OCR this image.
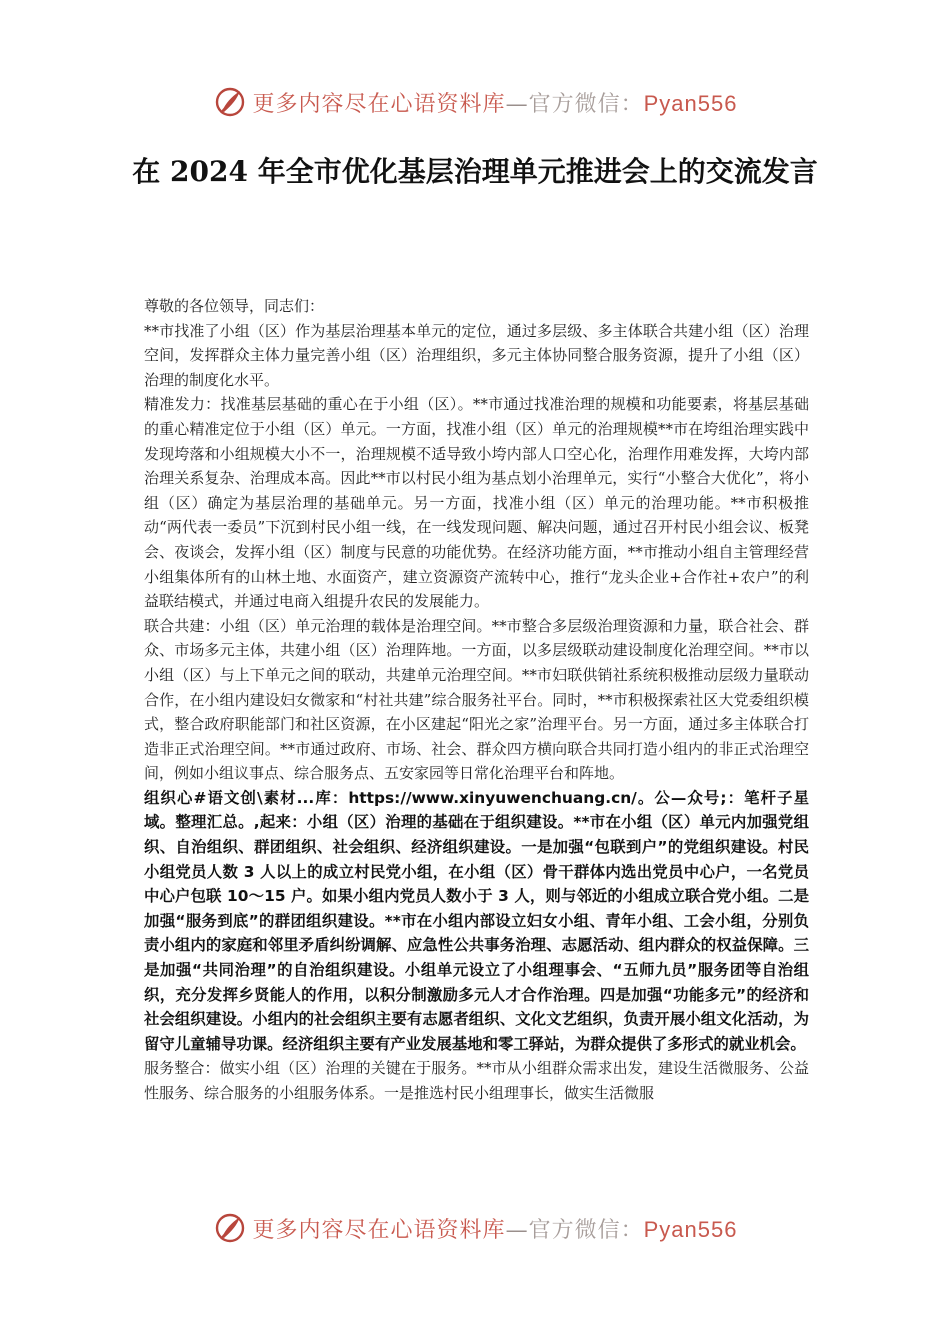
更多内容尽在心语资料库—官方微信：Pyan556
在 2024 年全市优化基层治理单元推进会上的交流发言

尊敬的各位领导，同志们：

**市找准了小组（区）作为基层治理基本单元的定位，通过多层级、多主体联合共建小组（区）治理空间，发挥群众主体力量完善小组（区）治理组织，多元主体协同整合服务资源，提升了小组（区）治理的制度化水平。

精准发力：找准基层基础的重心在于小组（区）。**市通过找准治理的规模和功能要素，将基层基础的重心精准定位于小组（区）单元。一方面，找准小组（区）单元的治理规模**市在垮组治理实践中发现垮落和小组规模大小不一，治理规模不适导致小垮内部人口空心化，治理作用难发挥，大垮内部治理关系复杂、治理成本高。因此**市以村民小组为基点划小治理单元，实行“小整合大优化”，将小组（区）确定为基层治理的基础单元。另一方面，找准小组（区）单元的治理功能。**市积极推动“两代表一委员”下沉到村民小组一线，在一线发现问题、解决问题，通过召开村民小组会议、板凳会、夜谈会，发挥小组（区）制度与民意的功能优势。在经济功能方面，**市推动小组自主管理经营小组集体所有的山林土地、水面资产，建立资源资产流转中心，推行“龙头企业+合作社+农户”的利益联结模式，并通过电商入组提升农民的发展能力。

联合共建：小组（区）单元治理的载体是治理空间。**市整合多层级治理资源和力量，联合社会、群众、市场多元主体，共建小组（区）治理阵地。一方面，以多层级联动建设制度化治理空间。**市以小组（区）与上下单元之间的联动，共建单元治理空间。**市妇联供销社系统积极推动层级力量联动合作，在小组内建设妇女微家和“村社共建”综合服务社平台。同时，**市积极探索社区大党委组织模式，整合政府职能部门和社区资源，在小区建起“阳光之家”治理平台。另一方面，通过多主体联合打造非正式治理空间。**市通过政府、市场、社会、群众四方横向联合共同打造小组内的非正式治理空间，例如小组议事点、综合服务点、五安家园等日常化治理平台和阵地。

组织心#语文创\素材...库：https://www.xinyuwenchuang.cn/。公—众号;：笔杆子星域。整理汇总。,起来：小组（区）治理的基础在于组织建设。**市在小组（区）单元内加强党组织、自治组织、群团组织、社会组织、经济组织建设。一是加强“包联到户”的党组织建设。村民小组党员人数 3 人以上的成立村民党小组，在小组（区）骨干群体内选出党员中心户，一名党员中心户包联 10～15 户。如果小组内党员人数小于 3 人，则与邻近的小组成立联合党小组。二是加强“服务到底”的群团组织建设。**市在小组内部设立妇女小组、青年小组、工会小组，分别负责小组内的家庭和邻里矛盾纠纷调解、应急性公共事务治理、志愿活动、组内群众的权益保障。三是加强“共同治理”的自治组织建设。小组单元设立了小组理事会、“五师九员”服务团等自治组织，充分发挥乡贤能人的作用，以积分制激励多元人才合作治理。四是加强“功能多元”的经济和社会组织建设。小组内的社会组织主要有志愿者组织、文化文艺组织，负责开展小组文化活动，为留守儿童辅导功课。经济组织主要有产业发展基地和零工驿站，为群众提供了多形式的就业机会。

服务整合：做实小组（区）治理的关键在于服务。**市从小组群众需求出发，建设生活微服务、公益性服务、综合服务的小组服务体系。一是推选村民小组理事长，做实生活微服

更多内容尽在心语资料库—官方微信：Pyan556
